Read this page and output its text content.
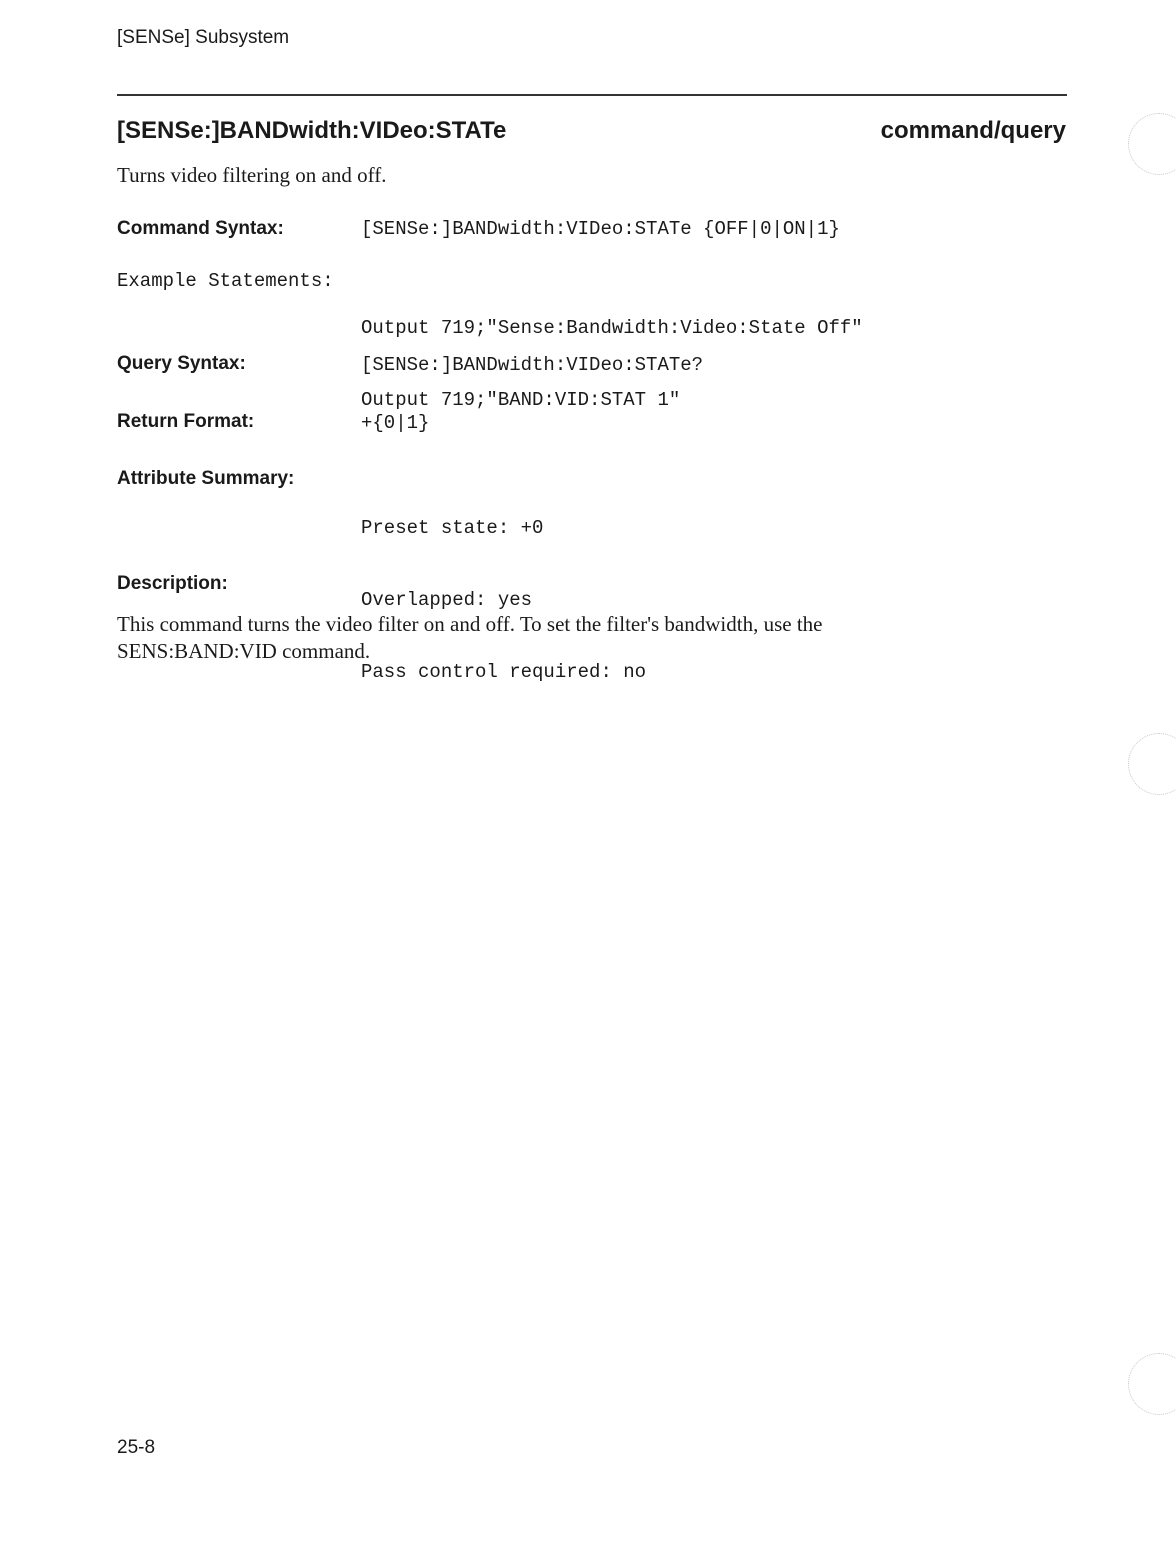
[SENSe] Subsystem
[SENSe:]BANDwidth:VIDeo:STATe	command/query
Turns video filtering on and off.
Command Syntax:	[SENSe:]BANDwidth:VIDeo:STATe {OFF|0|ON|1}
Example Statements:

Output 719;"Sense:Bandwidth:Video:State Off"

Output 719;"BAND:VID:STAT 1"

Query Syntax:	[SENSe:]BANDwidth:VIDeo:STATe?
Return Format:	+{0|1}
Attribute Summary:

Preset state: +0

Overlapped: yes

Pass control required: no

Description:
This command turns the video filter on and off. To set the filter's bandwidth, use the SENS:BAND:VID command.
25-8
